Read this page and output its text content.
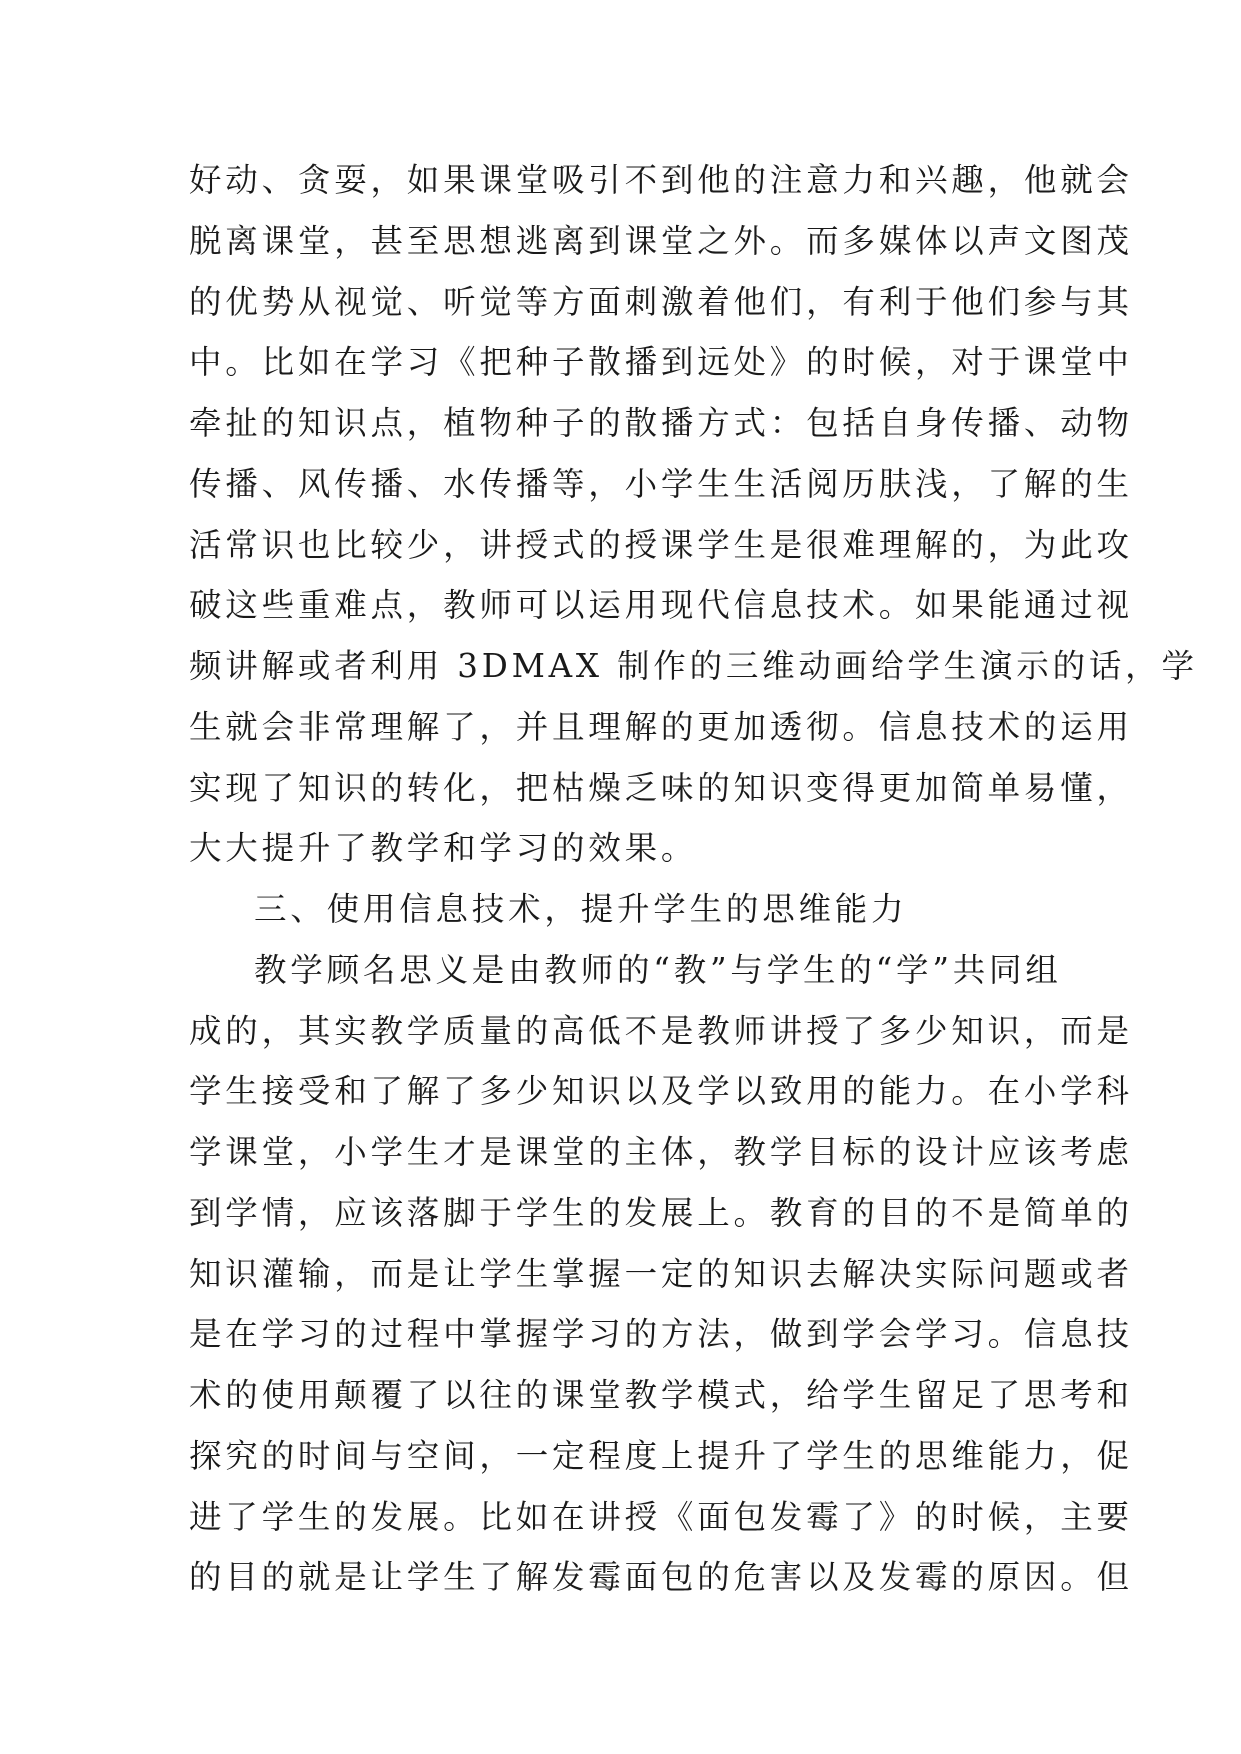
好动、贪耍，如果课堂吸引不到他的注意力和兴趣，他就会
脱离课堂，甚至思想逃离到课堂之外。而多媒体以声文图茂
的优势从视觉、听觉等方面刺激着他们，有利于他们参与其
中。比如在学习《把种子散播到远处》的时候，对于课堂中
牵扯的知识点，植物种子的散播方式：包括自身传播、动物
传播、风传播、水传播等，小学生生活阅历肤浅，了解的生
活常识也比较少，讲授式的授课学生是很难理解的，为此攻
破这些重难点，教师可以运用现代信息技术。如果能通过视
频讲解或者利用 3DMAX 制作的三维动画给学生演示的话，学
生就会非常理解了，并且理解的更加透彻。信息技术的运用
实现了知识的转化，把枯燥乏味的知识变得更加简单易懂，
大大提升了教学和学习的效果。
三、使用信息技术，提升学生的思维能力
教学顾名思义是由教师的“教”与学生的“学”共同组
成的，其实教学质量的高低不是教师讲授了多少知识，而是
学生接受和了解了多少知识以及学以致用的能力。在小学科
学课堂，小学生才是课堂的主体，教学目标的设计应该考虑
到学情，应该落脚于学生的发展上。教育的目的不是简单的
知识灌输，而是让学生掌握一定的知识去解决实际问题或者
是在学习的过程中掌握学习的方法，做到学会学习。信息技
术的使用颠覆了以往的课堂教学模式，给学生留足了思考和
探究的时间与空间，一定程度上提升了学生的思维能力，促
进了学生的发展。比如在讲授《面包发霉了》的时候，主要
的目的就是让学生了解发霉面包的危害以及发霉的原因。但
